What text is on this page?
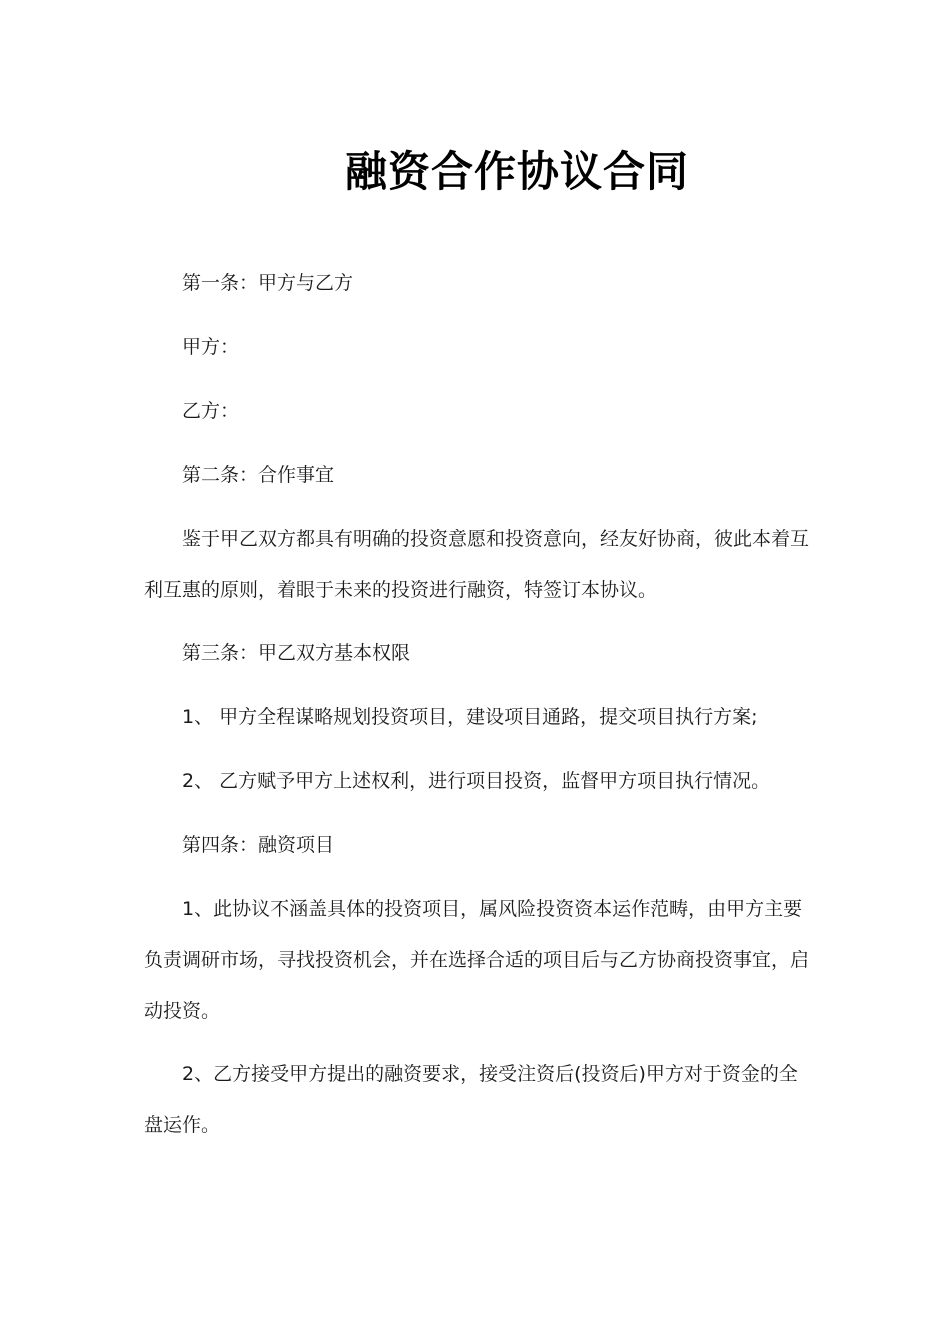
融资合作协议合同

第一条：甲方与乙方

甲方：

乙方：

第二条：合作事宜

鉴于甲乙双方都具有明确的投资意愿和投资意向，经友好协商，彼此本着互利互惠的原则，着眼于未来的投资进行融资，特签订本协议。

第三条：甲乙双方基本权限

1、 甲方全程谋略规划投资项目，建设项目通路，提交项目执行方案;

2、 乙方赋予甲方上述权利，进行项目投资，监督甲方项目执行情况。

第四条：融资项目

1、此协议不涵盖具体的投资项目，属风险投资资本运作范畴，由甲方主要负责调研市场，寻找投资机会，并在选择合适的项目后与乙方协商投资事宜，启动投资。

2、乙方接受甲方提出的融资要求，接受注资后(投资后)甲方对于资金的全盘运作。
